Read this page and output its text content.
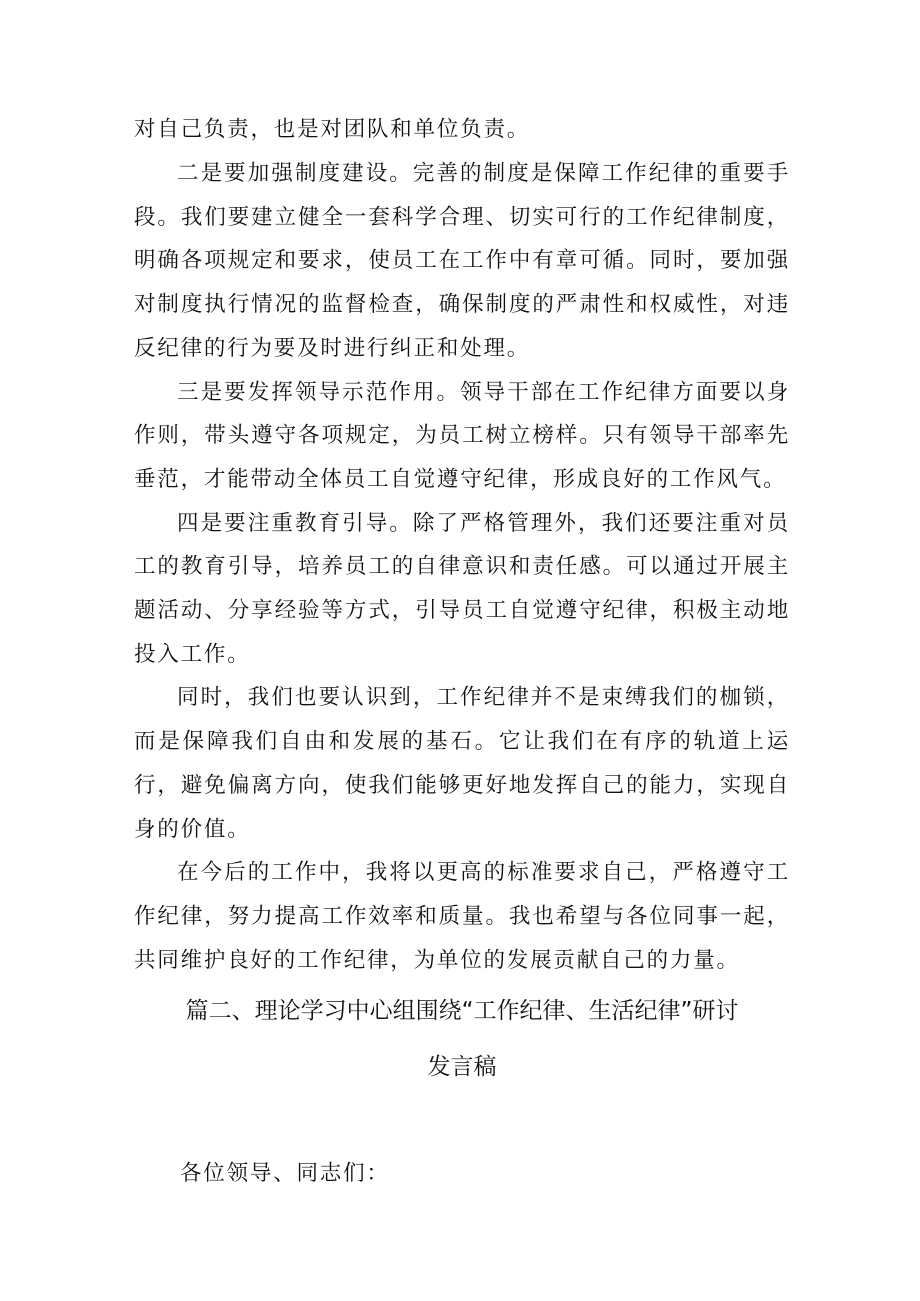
对自己负责，也是对团队和单位负责。

二是要加强制度建设。完善的制度是保障工作纪律的重要手段。我们要建立健全一套科学合理、切实可行的工作纪律制度，明确各项规定和要求，使员工在工作中有章可循。同时，要加强对制度执行情况的监督检查，确保制度的严肃性和权威性，对违反纪律的行为要及时进行纠正和处理。

三是要发挥领导示范作用。领导干部在工作纪律方面要以身作则，带头遵守各项规定，为员工树立榜样。只有领导干部率先垂范，才能带动全体员工自觉遵守纪律，形成良好的工作风气。

四是要注重教育引导。除了严格管理外，我们还要注重对员工的教育引导，培养员工的自律意识和责任感。可以通过开展主题活动、分享经验等方式，引导员工自觉遵守纪律，积极主动地投入工作。

同时，我们也要认识到，工作纪律并不是束缚我们的枷锁，而是保障我们自由和发展的基石。它让我们在有序的轨道上运行，避免偏离方向，使我们能够更好地发挥自己的能力，实现自身的价值。

在今后的工作中，我将以更高的标准要求自己，严格遵守工作纪律，努力提高工作效率和质量。我也希望与各位同事一起，共同维护良好的工作纪律，为单位的发展贡献自己的力量。

篇二、理论学习中心组围绕“工作纪律、生活纪律”研讨

发言稿

各位领导、同志们：
